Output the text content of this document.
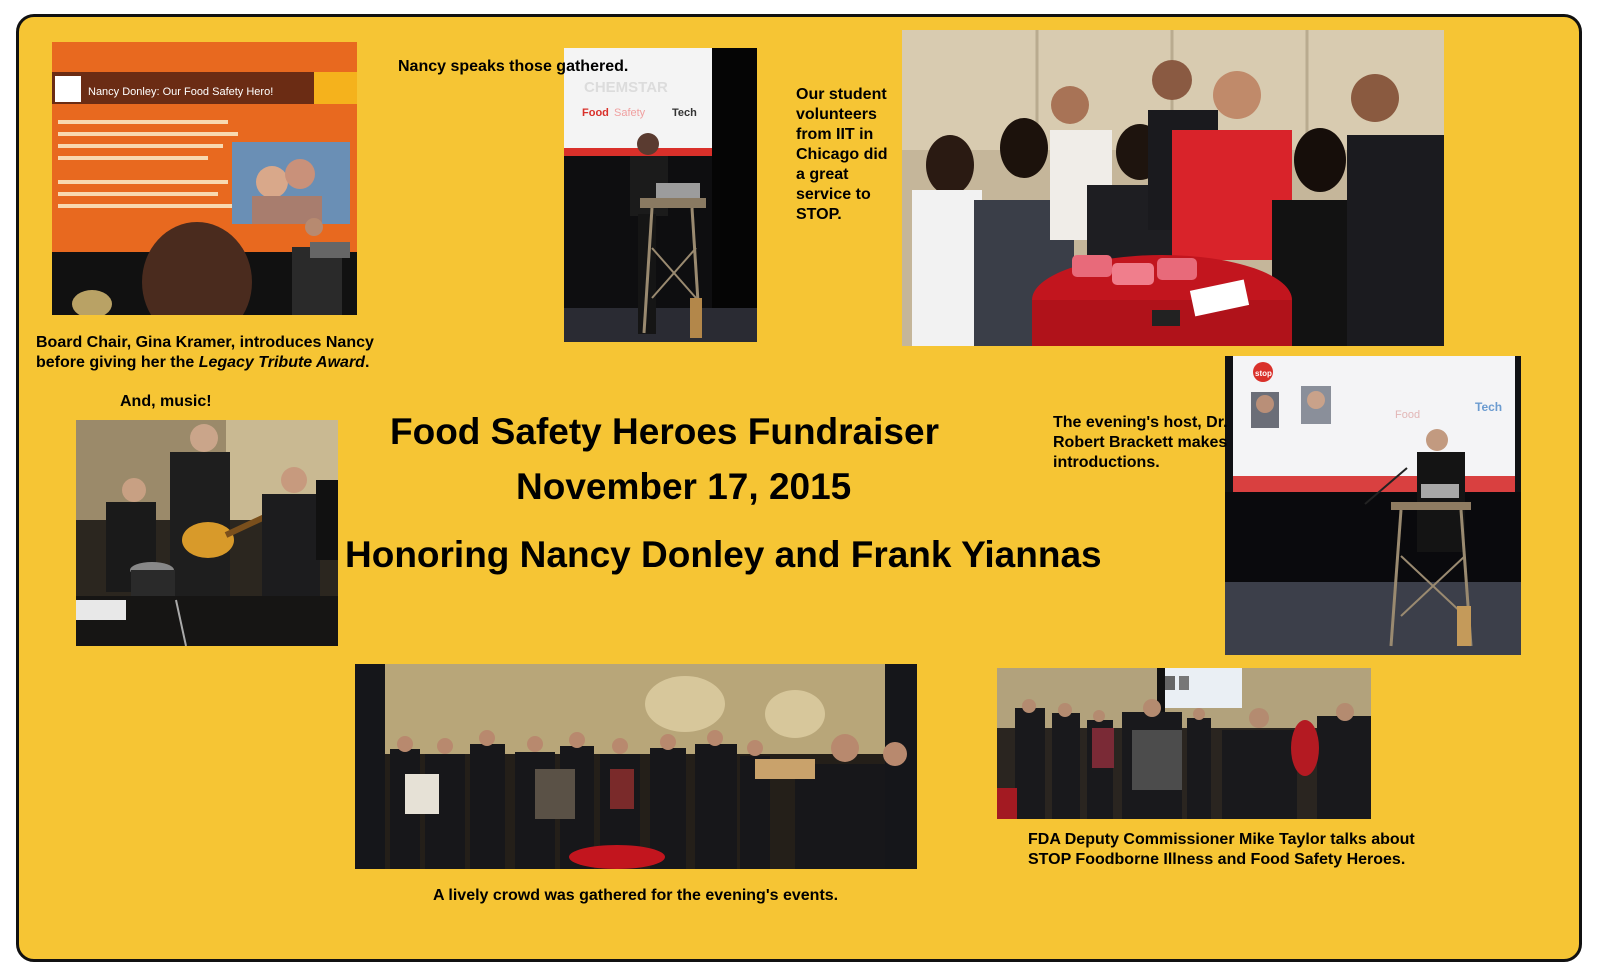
Nancy Donley: Our Food Safety Hero!	CHEMSTAR
Food Safety Tech
stop
Food
Tech
Nancy speaks those gathered.
Our student volunteers from IIT in Chicago did a great service to STOP.
Board Chair, Gina Kramer, introduces Nancy before giving her the Legacy Tribute Award.
And, music!
The evening's host, Dr. Robert Brackett makes introductions.
A lively crowd was gathered for the evening's events.
FDA Deputy Commissioner Mike Taylor talks about STOP Foodborne Illness and Food Safety Heroes.
Food Safety Heroes Fundraiser
November 17, 2015
Honoring Nancy Donley and Frank Yiannas
